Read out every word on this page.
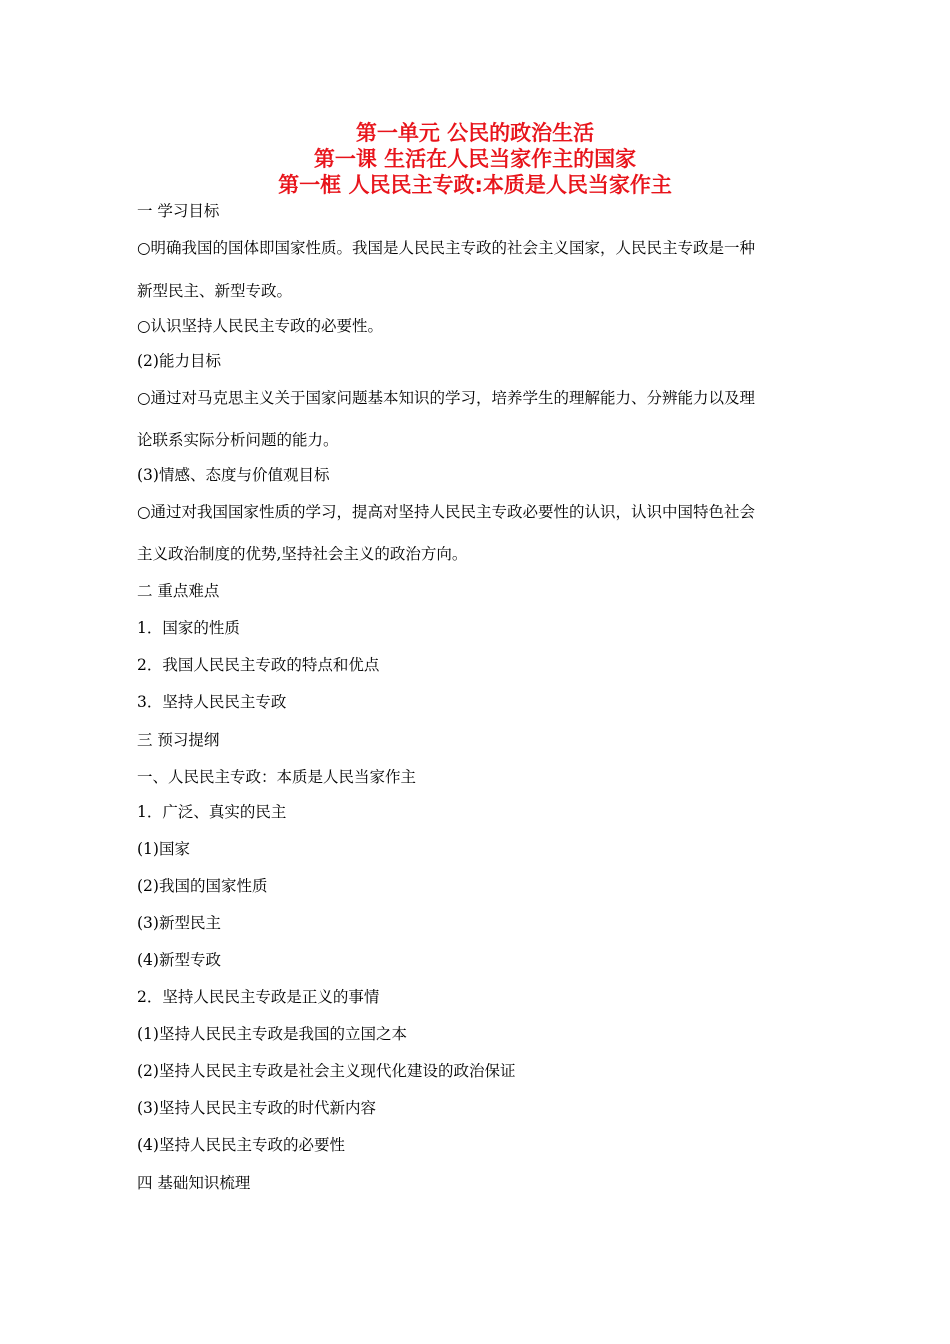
第一单元 公民的政治生活
第一课 生活在人民当家作主的国家
第一框 人民民主专政:本质是人民当家作主
一 学习目标
○明确我国的国体即国家性质。我国是人民民主专政的社会主义国家，人民民主专政是一种
新型民主、新型专政。
○认识坚持人民民主专政的必要性。
(2)能力目标
○通过对马克思主义关于国家问题基本知识的学习，培养学生的理解能力、分辨能力以及理
论联系实际分析问题的能力。
(3)情感、态度与价值观目标
○通过对我国国家性质的学习，提高对坚持人民民主专政必要性的认识，认识中国特色社会
主义政治制度的优势,坚持社会主义的政治方向。
二 重点难点
1．国家的性质
2．我国人民民主专政的特点和优点
3．坚持人民民主专政
三 预习提纲
一、人民民主专政：本质是人民当家作主
1．广泛、真实的民主
(1)国家
(2)我国的国家性质
(3)新型民主
(4)新型专政
2．坚持人民民主专政是正义的事情
(1)坚持人民民主专政是我国的立国之本
(2)坚持人民民主专政是社会主义现代化建设的政治保证
(3)坚持人民民主专政的时代新内容
(4)坚持人民民主专政的必要性
四 基础知识梳理
